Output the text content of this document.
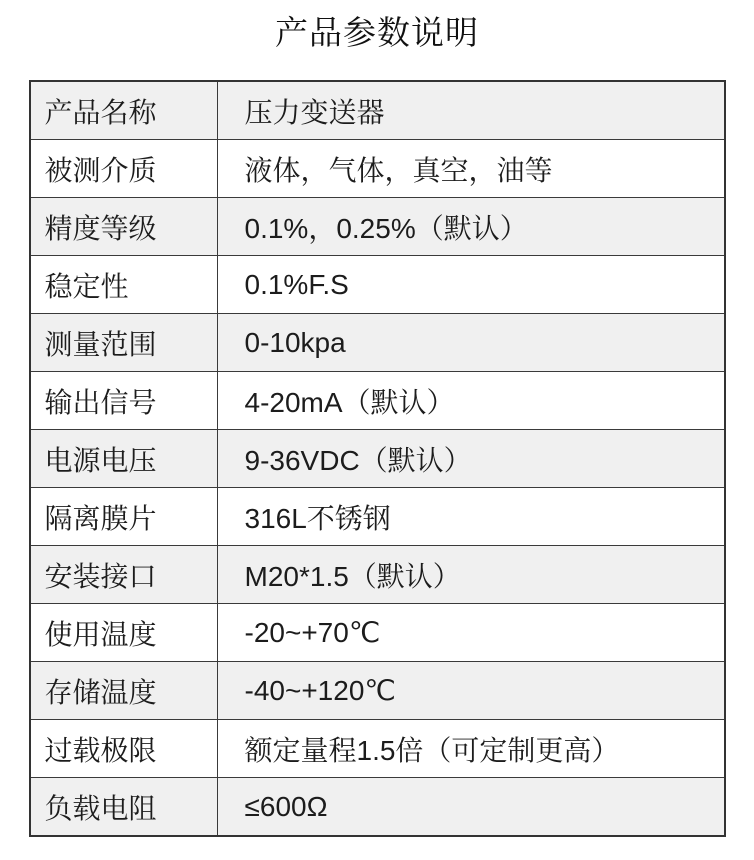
产品参数说明
产品名称	压力变送器
被测介质	液体，气体，真空，油等
精度等级	0.1%，0.25%（默认）
稳定性	0.1%F.S
测量范围	0-10kpa
输出信号	4-20mA（默认）
电源电压	9-36VDC（默认）
隔离膜片	316L不锈钢
安装接口	M20*1.5（默认）
使用温度	-20~+70℃
存储温度	-40~+120℃
过载极限	额定量程1.5倍（可定制更高）
负载电阻	≤600Ω
